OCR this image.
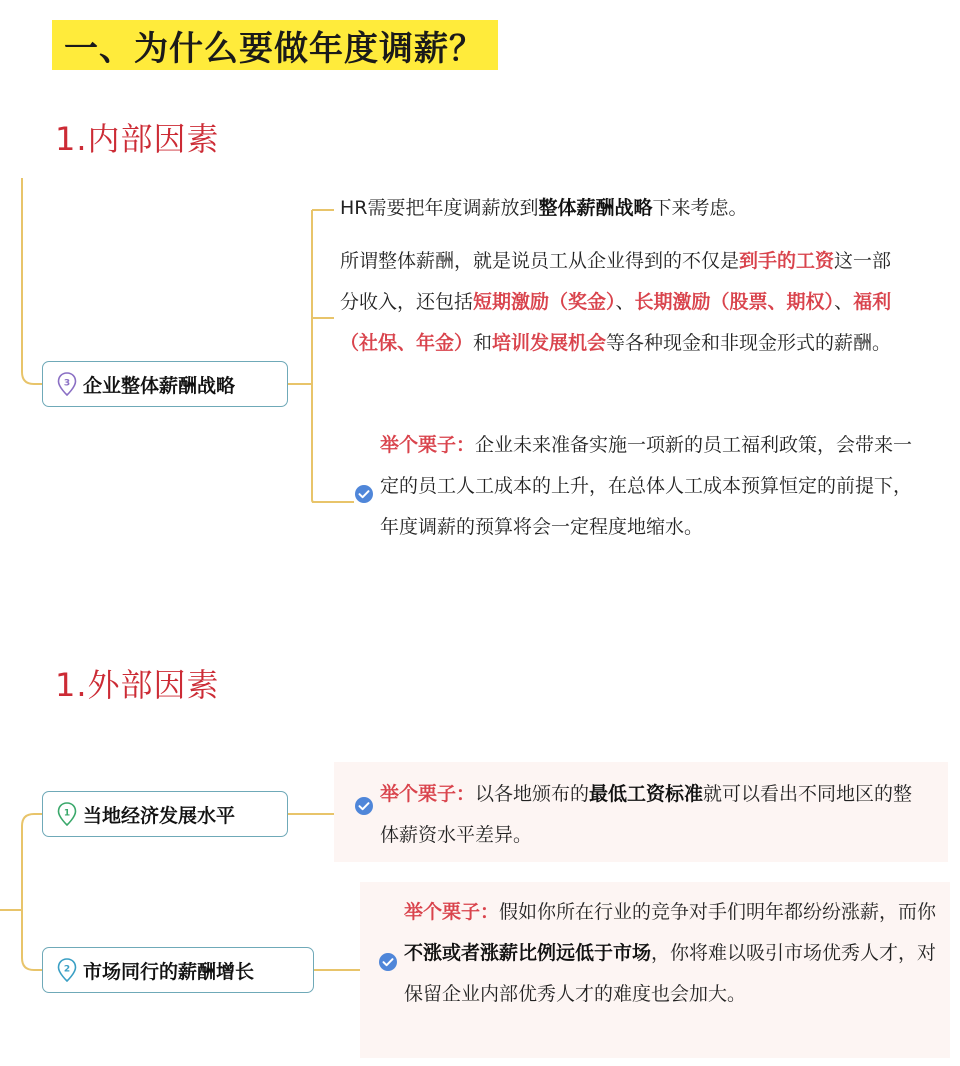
一、为什么要做年度调薪？
1.内部因素
3 企业整体薪酬战略
HR需要把年度调薪放到整体薪酬战略下来考虑。
所谓整体薪酬，就是说员工从企业得到的不仅是到手的工资这一部分收入，还包括短期激励（奖金）、长期激励（股票、期权）、福利（社保、年金）和培训发展机会等各种现金和非现金形式的薪酬。
举个栗子：企业未来准备实施一项新的员工福利政策，会带来一定的员工人工成本的上升，在总体人工成本预算恒定的前提下，年度调薪的预算将会一定程度地缩水。
1.外部因素
1 当地经济发展水平
2 市场同行的薪酬增长
举个栗子：以各地颁布的最低工资标准就可以看出不同地区的整体薪资水平差异。
举个栗子：假如你所在行业的竞争对手们明年都纷纷涨薪，而你不涨或者涨薪比例远低于市场，你将难以吸引市场优秀人才，对保留企业内部优秀人才的难度也会加大。
